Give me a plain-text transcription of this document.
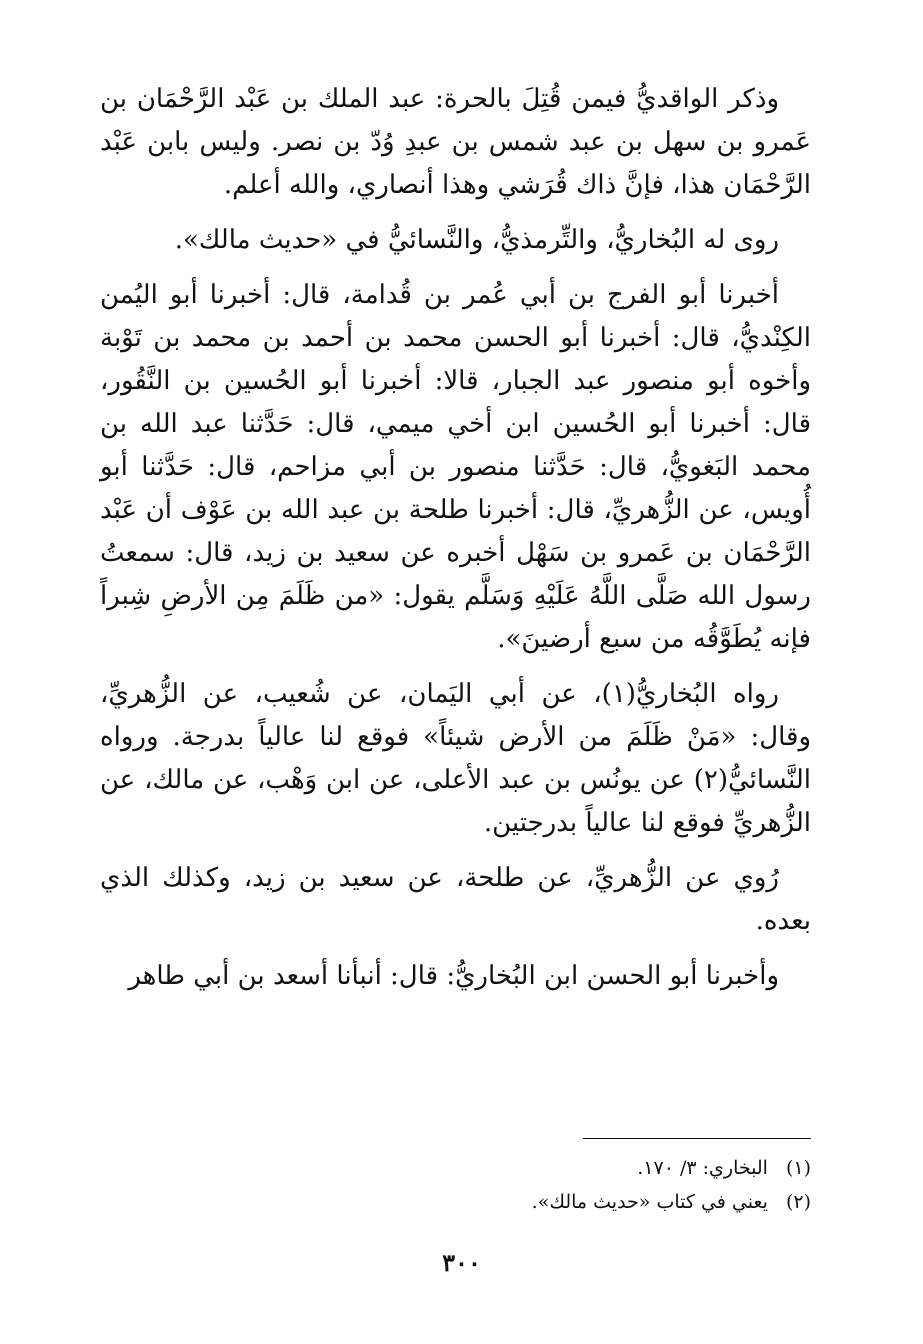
وذكر الواقديُّ فيمن قُتِلَ بالحرة: عبد الملك بن عَبْد الرَّحْمَان بن عَمرو بن سهل بن عبد شمس بن عبدِ وُدّ بن نصر. وليس بابن عَبْد الرَّحْمَان هذا، فإنَّ ذاك قُرَشي وهذا أنصاري، والله أعلم.

روى له البُخاريُّ، والتِّرمذيُّ، والنَّسائيُّ في «حديث مالك».

أخبرنا أبو الفرج بن أبي عُمر بن قُدامة، قال: أخبرنا أبو اليُمن الكِنْديُّ، قال: أخبرنا أبو الحسن محمد بن أحمد بن محمد بن تَوْبة وأخوه أبو منصور عبد الجبار، قالا: أخبرنا أبو الحُسين بن النَّقُور، قال: أخبرنا أبو الحُسين ابن أخي ميمي، قال: حَدَّثنا عبد الله بن محمد البَغويُّ، قال: حَدَّثنا منصور بن أبي مزاحم، قال: حَدَّثنا أبو أُويس، عن الزُّهريِّ، قال: أخبرنا طلحة بن عبد الله بن عَوْف أن عَبْد الرَّحْمَان بن عَمرو بن سَهْل أخبره عن سعيد بن زيد، قال: سمعتُ رسول الله صَلَّى اللَّهُ عَلَيْهِ وَسَلَّم يقول: «من ظَلَمَ مِن الأرضِ شِبراً فإنه يُطَوَّقُه من سبع أرضينَ».

رواه البُخاريُّ(١)، عن أبي اليَمان، عن شُعيب، عن الزُّهريِّ، وقال: «مَنْ ظَلَمَ من الأرض شيئاً» فوقع لنا عالياً بدرجة. ورواه النَّسائيُّ(٢) عن يونُس بن عبد الأعلى، عن ابن وَهْب، عن مالك، عن الزُّهريِّ فوقع لنا عالياً بدرجتين.

رُوي عن الزُّهريِّ، عن طلحة، عن سعيد بن زيد، وكذلك الذي بعده.

وأخبرنا أبو الحسن ابن البُخاريُّ: قال: أنبأنا أسعد بن أبي طاهر

(١)
البخاري: ٣/ ١٧٠.
(٢)
يعني في كتاب «حديث مالك».
٣٠٠
